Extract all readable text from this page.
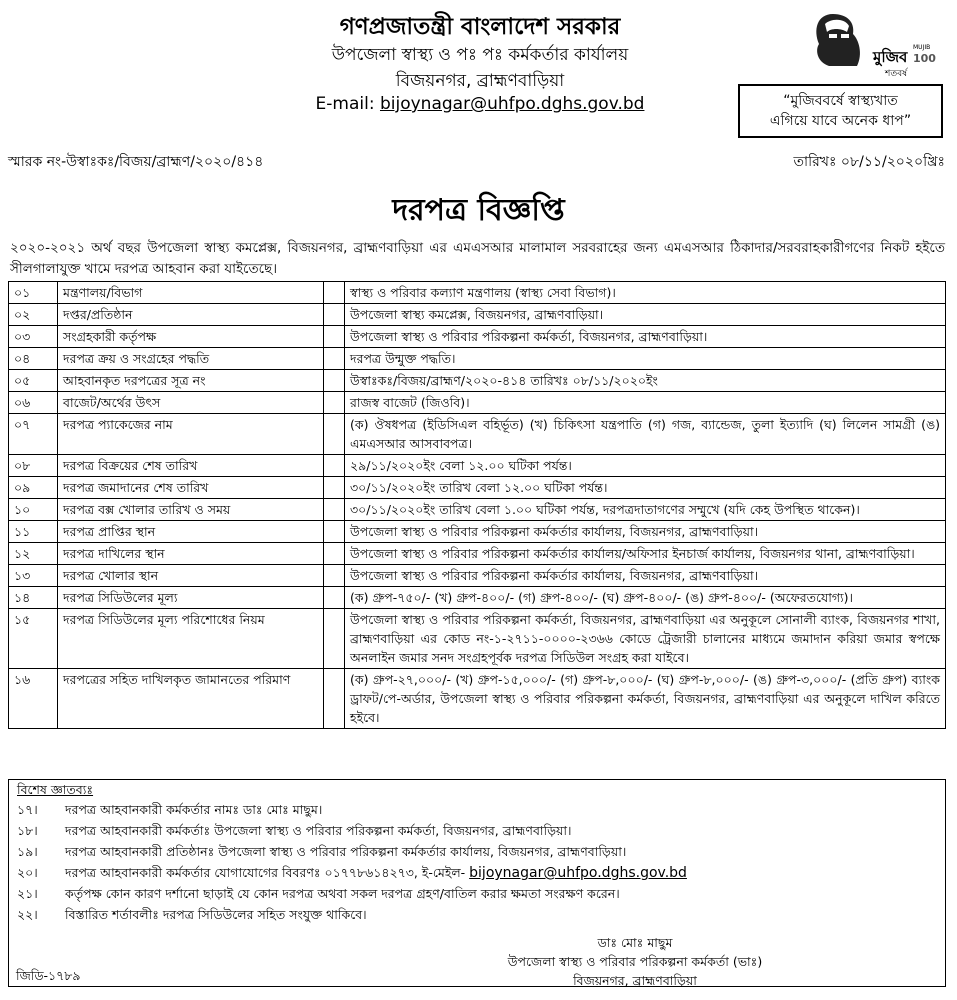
গণপ্রজাতন্ত্রী বাংলাদেশ সরকার
উপজেলা স্বাস্থ্য ও পঃ পঃ কর্মকর্তার কার্যালয়
বিজয়নগর, ব্রাহ্মণবাড়িয়া
E-mail: bijoynagar@uhfpo.dghs.gov.bd
মুজিব
MUJIB
100
শতবর্ষ
“মুজিববর্ষে স্বাস্থ্যখাত
এগিয়ে যাবে অনেক ধাপ”
স্মারক নং-উস্বাঃকঃ/বিজয়/ব্রাহ্মণ/২০২০/৪১৪	তারিখঃ ০৮/১১/২০২০খ্রিঃ
দরপত্র বিজ্ঞপ্তি
২০২০-২০২১ অর্থ বছর উপজেলা স্বাস্থ্য কমপ্লেক্স, বিজয়নগর, ব্রাহ্মণবাড়িয়া এর এমএসআর মালামাল সরবরাহের জন্য এমএসআর ঠিকাদার/সরবরাহকারীগণের নিকট হইতে সীলগালাযুক্ত খামে দরপত্র আহবান করা যাইতেছে।
০১	মন্ত্রণালয়/বিভাগ		স্বাস্থ্য ও পরিবার কল্যাণ মন্ত্রণালয় (স্বাস্থ্য সেবা বিভাগ)।
০২	দপ্তর/প্রতিষ্ঠান		উপজেলা স্বাস্থ্য কমপ্লেক্স, বিজয়নগর, ব্রাহ্মণবাড়িয়া।
০৩	সংগ্রহকারী কর্তৃপক্ষ		উপজেলা স্বাস্থ্য ও পরিবার পরিকল্পনা কর্মকর্তা, বিজয়নগর, ব্রাহ্মণবাড়িয়া।
০৪	দরপত্র ক্রয় ও সংগ্রহের পদ্ধতি		দরপত্র উন্মুক্ত পদ্ধতি।
০৫	আহবানকৃত দরপত্রের সূত্র নং		উস্বাঃকঃ/বিজয়/ব্রাহ্মণ/২০২০-৪১৪ তারিখঃ ০৮/১১/২০২০ইং
০৬	বাজেট/অর্থের উৎস		রাজস্ব বাজেট (জিওবি)।
০৭	দরপত্র প্যাকেজের নাম		(ক) ঔষধপত্র (ইডিসিএল বহির্ভূত) (খ) চিকিৎসা যন্ত্রপাতি (গ) গজ, ব্যান্ডেজ, তুলা ইত্যাদি (ঘ) লিলেন সামগ্রী (ঙ) এমএসআর আসবাবপত্র।
০৮	দরপত্র বিক্রয়ের শেষ তারিখ		২৯/১১/২০২০ইং বেলা ১২.০০ ঘটিকা পর্যন্ত।
০৯	দরপত্র জমাদানের শেষ তারিখ		৩০/১১/২০২০ইং তারিখ বেলা ১২.০০ ঘটিকা পর্যন্ত।
১০	দরপত্র বক্স খোলার তারিখ ও সময়		৩০/১১/২০২০ইং তারিখ বেলা ১.০০ ঘটিকা পর্যন্ত, দরপত্রদাতাগণের সম্মুখে (যদি কেহ উপস্থিত থাকেন)।
১১	দরপত্র প্রাপ্তির স্থান		উপজেলা স্বাস্থ্য ও পরিবার পরিকল্পনা কর্মকর্তার কার্যালয়, বিজয়নগর, ব্রাহ্মণবাড়িয়া।
১২	দরপত্র দাখিলের স্থান		উপজেলা স্বাস্থ্য ও পরিবার পরিকল্পনা কর্মকর্তার কার্যালয়/অফিসার ইনচার্জ কার্যালয়, বিজয়নগর থানা, ব্রাহ্মণবাড়িয়া।
১৩	দরপত্র খোলার স্থান		উপজেলা স্বাস্থ্য ও পরিবার পরিকল্পনা কর্মকর্তার কার্যালয়, বিজয়নগর, ব্রাহ্মণবাড়িয়া।
১৪	দরপত্র সিডিউলের মূল্য		(ক) গ্রুপ-৭৫০/- (খ) গ্রুপ-৪০০/- (গ) গ্রুপ-৪০০/- (ঘ) গ্রুপ-৪০০/- (ঙ) গ্রুপ-৪০০/- (অফেরতযোগ্য)।
১৫	দরপত্র সিডিউলের মূল্য পরিশোধের নিয়ম		উপজেলা স্বাস্থ্য ও পরিবার পরিকল্পনা কর্মকর্তা, বিজয়নগর, ব্রাহ্মণবাড়িয়া এর অনুকূলে সোনালী ব্যাংক, বিজয়নগর শাখা, ব্রাহ্মণবাড়িয়া এর কোড নং-১-২৭১১-০০০০-২৩৬৬ কোডে ট্রেজারী চালানের মাধ্যমে জমাদান করিয়া জমার স্বপক্ষে অনলাইন জমার সনদ সংগ্রহপূর্বক দরপত্র সিডিউল সংগ্রহ করা যাইবে।
১৬	দরপত্রের সহিত দাখিলকৃত জামানতের পরিমাণ		(ক) গ্রুপ-২৭,০০০/- (খ) গ্রুপ-১৫,০০০/- (গ) গ্রুপ-৮,০০০/- (ঘ) গ্রুপ-৮,০০০/- (ঙ) গ্রুপ-৩,০০০/- (প্রতি গ্রুপ) ব্যাংক ড্রাফট/পে-অর্ডার, উপজেলা স্বাস্থ্য ও পরিবার পরিকল্পনা কর্মকর্তা, বিজয়নগর, ব্রাহ্মণবাড়িয়া এর অনুকূলে দাখিল করিতে হইবে।
বিশেষ জ্ঞাতব্যঃ
১৭। দরপত্র আহবানকারী কর্মকর্তার নামঃ ডাঃ মোঃ মাছুম।
১৮। দরপত্র আহবানকারী কর্মকর্তাঃ উপজেলা স্বাস্থ্য ও পরিবার পরিকল্পনা কর্মকর্তা, বিজয়নগর, ব্রাহ্মণবাড়িয়া।
১৯। দরপত্র আহবানকারী প্রতিষ্ঠানঃ উপজেলা স্বাস্থ্য ও পরিবার পরিকল্পনা কর্মকর্তার কার্যালয়, বিজয়নগর, ব্রাহ্মণবাড়িয়া।
২০। দরপত্র আহবানকারী কর্মকর্তার যোগাযোগের বিবরণঃ ০১৭৭৮৬১৪২৭৩, ই-মেইল- bijoynagar@uhfpo.dghs.gov.bd
২১। কর্তৃপক্ষ কোন কারণ দর্শানো ছাড়াই যে কোন দরপত্র অথবা সকল দরপত্র গ্রহণ/বাতিল করার ক্ষমতা সংরক্ষণ করেন।
২২। বিস্তারিত শর্তাবলীঃ দরপত্র সিডিউলের সহিত সংযুক্ত থাকিবে।
ডাঃ মোঃ মাছুম
উপজেলা স্বাস্থ্য ও পরিবার পরিকল্পনা কর্মকর্তা (ভাঃ)
বিজয়নগর, ব্রাহ্মণবাড়িয়া
জিডি-১৭৮৯
